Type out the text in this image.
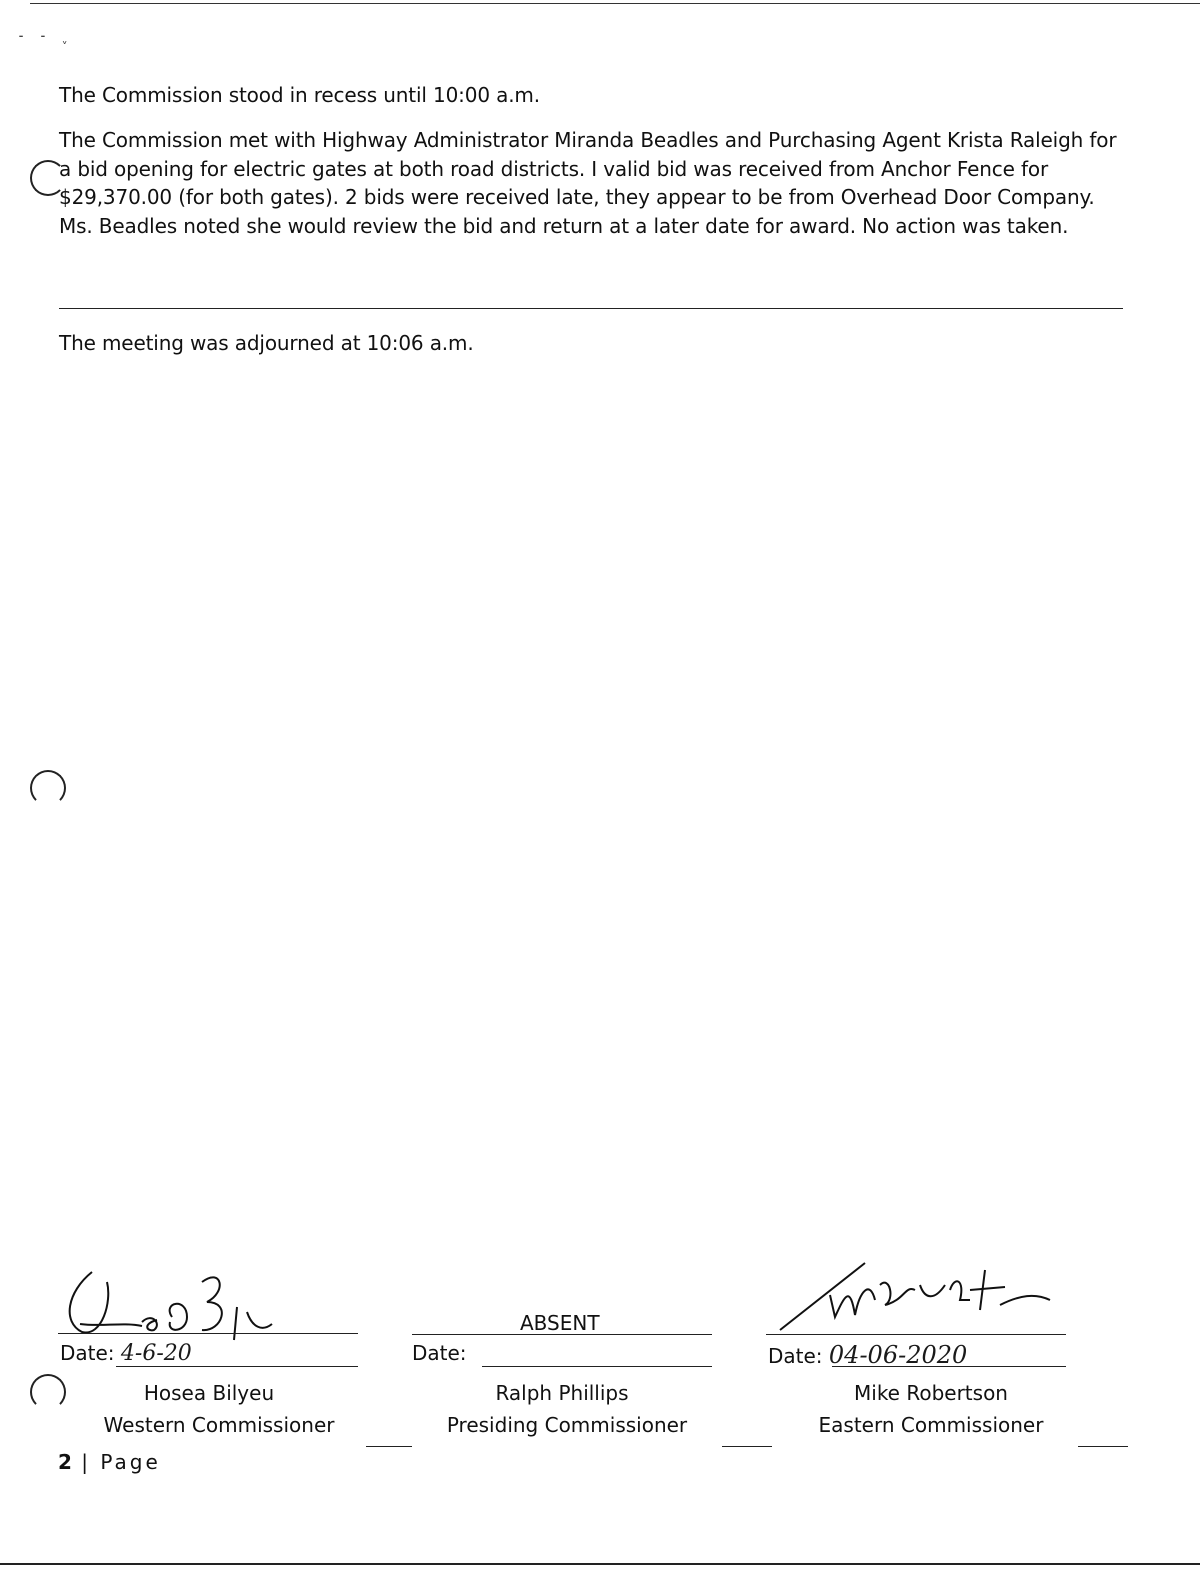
⁃ ⁃ ˬ

The Commission stood in recess until 10:00 a.m.

The Commission met with Highway Administrator Miranda Beadles and Purchasing Agent Krista Raleigh for a bid opening for electric gates at both road districts. I valid bid was received from Anchor Fence for $29,370.00 (for both gates). 2 bids were received late, they appear to be from Overhead Door Company. Ms. Beadles noted she would review the bid and return at a later date for award. No action was taken.

The meeting was adjourned at 10:06 a.m.

Date: 4-6-20
Hosea Bilyeu
Western Commissioner
ABSENT
Date:
Ralph Phillips
Presiding Commissioner
Date: 04-06-2020
Mike Robertson
Eastern Commissioner
2 | Page
